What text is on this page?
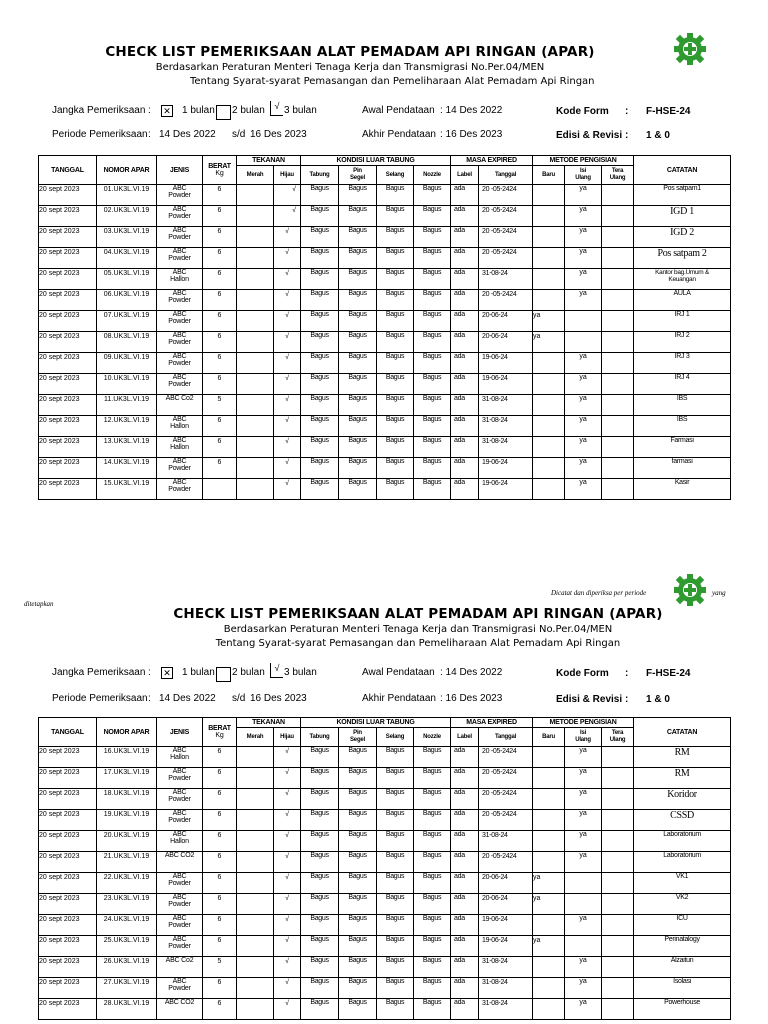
CHECK LIST PEMERIKSAAN ALAT PEMADAM API RINGAN (APAR)
Berdasarkan Peraturan Menteri Tenaga Kerja dan Transmigrasi No.Per.04/MEN
Tentang Syarat-syarat Pemasangan dan Pemeliharaan Alat Pemadam Api Ringan
Jangka Pemeriksaan : ✕ 1 bulan 2 bulan	√ 3 bulan	Awal Pendataan : 14 Des 2022	Kode Form : F-HSE-24
Periode Pemeriksaan : 14 Des 2022 s/d 16 Des 2023	Akhir Pendataan : 16 Des 2023	Edisi & Revisi : 1 & 0
TANGGAL	NOMOR APAR	JENIS	BERAT
Kg	TEKANAN		KONDISI LUAR TABUNG				MASA EXPIRED		METODE PENGISIAN			CATATAN
				Merah	Hijau	Tabung	Pin
Segel	Selang	Nozzle	Label	Tanggal	Baru	Isi
Ulang	Tera
Ulang	

20 sept 2023	01.UK3L.VI.19	ABC
Powder	6		√	Bagus	Bagus	Bagus	Bagus	ada	20 -05-2424		ya		Pos satpam1

20 sept 2023	02.UK3L.VI.19	ABC
Powder	6		√	Bagus	Bagus	Bagus	Bagus	ada	20 -05-2424		ya		IGD 1

20 sept 2023	03.UK3L.VI.19	ABC
Powder	6		√	Bagus	Bagus	Bagus	Bagus	ada	20 -05-2424		ya		IGD 2

20 sept 2023	04.UK3L.VI.19	ABC
Powder	6		√	Bagus	Bagus	Bagus	Bagus	ada	20 -05-2424		ya		Pos satpam 2

20 sept 2023	05.UK3L.VI.19	ABC
Hallon	6		√	Bagus	Bagus	Bagus	Bagus	ada	31-08-24		ya		Kantor bag.Umum &
Keuangan

20 sept 2023	06.UK3L.VI.19	ABC
Powder	6		√	Bagus	Bagus	Bagus	Bagus	ada	20 -05-2424		ya		AULA

20 sept 2023	07.UK3L.VI.19	ABC
Powder	6		√	Bagus	Bagus	Bagus	Bagus	ada	20-06-24	ya			IRJ 1

20 sept 2023	08.UK3L.VI.19	ABC
Powder	6		√	Bagus	Bagus	Bagus	Bagus	ada	20-06-24	ya			IRJ 2

20 sept 2023	09.UK3L.VI.19	ABC
Powder	6		√	Bagus	Bagus	Bagus	Bagus	ada	19-06-24		ya		IRJ 3

20 sept 2023	10.UK3L.VI.19	ABC
Powder	6		√	Bagus	Bagus	Bagus	Bagus	ada	19-06-24		ya		IRJ 4

20 sept 2023	11.UK3L.VI.19	ABC Co2	5		√	Bagus	Bagus	Bagus	Bagus	ada	31-08-24		ya		IBS

20 sept 2023	12.UK3L.VI.19	ABC
Hallon	6		√	Bagus	Bagus	Bagus	Bagus	ada	31-08-24		ya		IBS

20 sept 2023	13.UK3L.VI.19	ABC
Hallon	6		√	Bagus	Bagus	Bagus	Bagus	ada	31-08-24		ya		Farmasi

20 sept 2023	14.UK3L.VI.19	ABC
Powder	6		√	Bagus	Bagus	Bagus	Bagus	ada	19-06-24		ya		farmasi

20 sept 2023	15.UK3L.VI.19	ABC
Powder			√	Bagus	Bagus	Bagus	Bagus	ada	19-06-24		ya		Kasir
ditetapkan
Dicatat dan diperiksa per periode	yang
CHECK LIST PEMERIKSAAN ALAT PEMADAM API RINGAN (APAR)
Berdasarkan Peraturan Menteri Tenaga Kerja dan Transmigrasi No.Per.04/MEN
Tentang Syarat-syarat Pemasangan dan Pemeliharaan Alat Pemadam Api Ringan
Jangka Pemeriksaan : ✕ 1 bulan 2 bulan	√ 3 bulan	Awal Pendataan : 14 Des 2022	Kode Form : F-HSE-24
Periode Pemeriksaan : 14 Des 2022 s/d 16 Des 2023	Akhir Pendataan : 16 Des 2023	Edisi & Revisi : 1 & 0
TANGGAL	NOMOR APAR	JENIS	BERAT
Kg	TEKANAN		KONDISI LUAR TABUNG				MASA EXPIRED		METODE PENGISIAN			CATATAN
				Merah	Hijau	Tabung	Pin
Segel	Selang	Nozzle	Label	Tanggal	Baru	Isi
Ulang	Tera
Ulang	

20 sept 2023	16.UK3L.VI.19	ABC
Hallon	6		√	Bagus	Bagus	Bagus	Bagus	ada	20 -05-2424		ya		RM

20 sept 2023	17.UK3L.VI.19	ABC
Powder	6		√	Bagus	Bagus	Bagus	Bagus	ada	20 -05-2424		ya		RM

20 sept 2023	18.UK3L.VI.19	ABC
Powder	6		√	Bagus	Bagus	Bagus	Bagus	ada	20 -05-2424		ya		Koridor

20 sept 2023	19.UK3L.VI.19	ABC
Powder	6		√	Bagus	Bagus	Bagus	Bagus	ada	20 -05-2424		ya		CSSD

20 sept 2023	20.UK3L.VI.19	ABC
Hallon	6		√	Bagus	Bagus	Bagus	Bagus	ada	31-08-24		ya		Laboratorium

20 sept 2023	21.UK3L.VI.19	ABC CO2	6		√	Bagus	Bagus	Bagus	Bagus	ada	20 -05-2424		ya		Laboratorium

20 sept 2023	22.UK3L.VI.19	ABC
Powder	6		√	Bagus	Bagus	Bagus	Bagus	ada	20-06-24	ya			VK1

20 sept 2023	23.UK3L.VI.19	ABC
Powder	6		√	Bagus	Bagus	Bagus	Bagus	ada	20-06-24	ya			VK2

20 sept 2023	24.UK3L.VI.19	ABC
Powder	6		√	Bagus	Bagus	Bagus	Bagus	ada	19-06-24		ya		ICU

20 sept 2023	25.UK3L.VI.19	ABC
Powder	6		√	Bagus	Bagus	Bagus	Bagus	ada	19-06-24	ya			Perinatalogy

20 sept 2023	26.UK3L.VI.19	ABC Co2	5		√	Bagus	Bagus	Bagus	Bagus	ada	31-08-24		ya		Alzaitun

20 sept 2023	27.UK3L.VI.19	ABC
Powder	6		√	Bagus	Bagus	Bagus	Bagus	ada	31-08-24		ya		Isolasi

20 sept 2023	28.UK3L.VI.19	ABC CO2	6		√	Bagus	Bagus	Bagus	Bagus	ada	31-08-24		ya		Powerhouse
